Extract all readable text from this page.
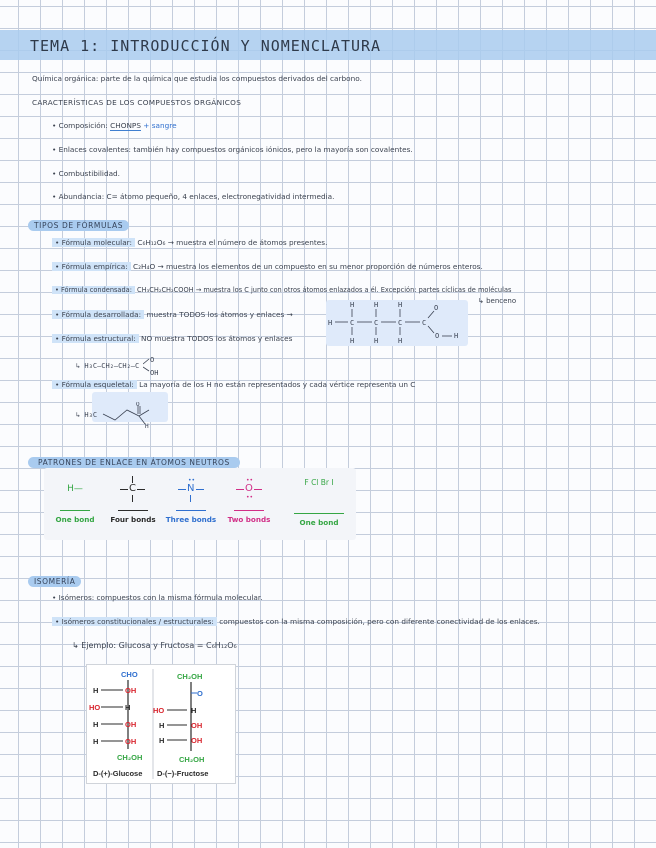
TEMA 1: INTRODUCCIÓN Y NOMENCLATURA
Química orgánica: parte de la química que estudia los compuestos derivados del carbono.
CARACTERÍSTICAS DE LOS COMPUESTOS ORGÁNICOS
• Composición: CHONPS + sangre
• Enlaces covalentes: también hay compuestos orgánicos iónicos, pero la mayoría son covalentes.
• Combustibilidad.
• Abundancia: C= átomo pequeño, 4 enlaces, electronegatividad intermedia.
TIPOS DE FÓRMULAS
• Fórmula molecular: C₆H₁₂O₆ → muestra el número de átomos presentes.
• Fórmula empírica: C₂H₄O → muestra los elementos de un compuesto en su menor proporción de números enteros.
• Fórmula condensada: CH₃CH₂CH₂COOH → muestra los C junto con otros átomos enlazados a él. Excepción: partes cíclicas de moléculas
↳ benceno
• Fórmula desarrollada: muestra TODOS los átomos y enlaces →
H	C	C	C	C
O
O H
H	H	H
H	H	H
• Fórmula estructural: NO muestra TODOS los átomos y enlaces
↳ H₃C—CH₂—CH₂—C
O
OH
• Fórmula esqueletal: La mayoría de los H no están representados y cada vértice representa un C
↳ H₃C
O
H
PATRONES DE ENLACE EN ÁTOMOS NEUTROS
H—
One bond
C
Four bonds
N
••
Three bonds
O
••
••
Two bonds
F Cl Br I
One bond
ISOMERÍA
• Isómeros: compuestos con la misma fórmula molecular.
• Isómeros constitucionales / estructurales: compuestos con la misma composición, pero con diferente conectividad de los enlaces.
↳ Ejemplo: Glucosa y Fructosa = C₆H₁₂O₆
CHO
H	OH
HO	H
H	OH
H	OH
CH₂OH
CH₂OH
O
HO	H
H	OH
H	OH
CH₂OH
D-(+)-Glucose D-(−)-Fructose
